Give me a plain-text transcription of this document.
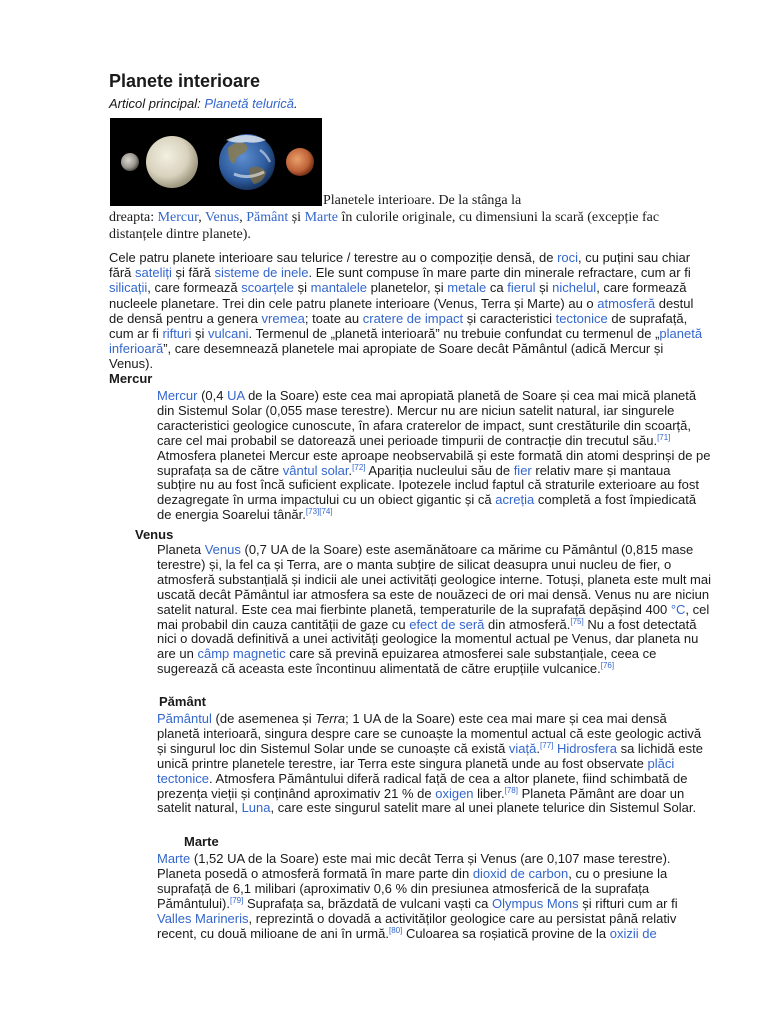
Planete interioare
Articol principal: Planetă telurică.
Planetele interioare. De la stânga la
dreapta: Mercur, Venus, Pământ și Marte în culorile originale, cu dimensiuni la scară (excepție fac distanțele dintre planete).
Cele patru planete interioare sau telurice / terestre au o compoziție densă, de roci, cu puțini sau chiar fără sateliți și fără sisteme de inele. Ele sunt compuse în mare parte din minerale refractare, cum ar fi silicații, care formează scoarțele și mantalele planetelor, și metale ca fierul și nichelul, care formează nucleele planetare. Trei din cele patru planete interioare (Venus, Terra și Marte) au o atmosferă destul de densă pentru a genera vremea; toate au cratere de impact și caracteristici tectonice de suprafață, cum ar fi rifturi și vulcani. Termenul de „planetă interioară” nu trebuie confundat cu termenul de „planetă inferioară”, care desemnează planetele mai apropiate de Soare decât Pământul (adică Mercur și Venus).
Mercur
Mercur (0,4 UA de la Soare) este cea mai apropiată planetă de Soare și cea mai mică planetă din Sistemul Solar (0,055 mase terestre). Mercur nu are niciun satelit natural, iar singurele caracteristici geologice cunoscute, în afara craterelor de impact, sunt crestăturile din scoarță, care cel mai probabil se datorează unei perioade timpurii de contracție din trecutul său.[71] Atmosfera planetei Mercur este aproape neobservabilă și este formată din atomi desprinși de pe suprafața sa de către vântul solar.[72] Apariția nucleului său de fier relativ mare și mantaua subțire nu au fost încă suficient explicate. Ipotezele includ faptul că straturile exterioare au fost dezagregate în urma impactului cu un obiect gigantic și că acreția completă a fost împiedicată de energia Soarelui tânăr.[73][74]
Venus
Planeta Venus (0,7 UA de la Soare) este asemănătoare ca mărime cu Pământul (0,815 mase terestre) și, la fel ca și Terra, are o manta subțire de silicat deasupra unui nucleu de fier, o atmosferă substanțială și indicii ale unei activități geologice interne. Totuși, planeta este mult mai uscată decât Pământul iar atmosfera sa este de nouăzeci de ori mai densă. Venus nu are niciun satelit natural. Este cea mai fierbinte planetă, temperaturile de la suprafață depășind 400 °C, cel mai probabil din cauza cantității de gaze cu efect de seră din atmosferă.[75] Nu a fost detectată nici o dovadă definitivă a unei activități geologice la momentul actual pe Venus, dar planeta nu are un câmp magnetic care să prevină epuizarea atmosferei sale substanțiale, ceea ce sugerează că aceasta este încontinuu alimentată de către erupțiile vulcanice.[76]
Pământ
Pământul (de asemenea și Terra; 1 UA de la Soare) este cea mai mare și cea mai densă planetă interioară, singura despre care se cunoaște la momentul actual că este geologic activă și singurul loc din Sistemul Solar unde se cunoaște că există viață.[77] Hidrosfera sa lichidă este unică printre planetele terestre, iar Terra este singura planetă unde au fost observate plăci tectonice. Atmosfera Pământului diferă radical față de cea a altor planete, fiind schimbată de prezența vieții și conținând aproximativ 21 % de oxigen liber.[78] Planeta Pământ are doar un satelit natural, Luna, care este singurul satelit mare al unei planete telurice din Sistemul Solar.
Marte
Marte (1,52 UA de la Soare) este mai mic decât Terra și Venus (are 0,107 mase terestre). Planeta posedă o atmosferă formată în mare parte din dioxid de carbon, cu o presiune la suprafață de 6,1 milibari (aproximativ 0,6 % din presiunea atmosferică de la suprafața Pământului).[79] Suprafața sa, brăzdată de vulcani vaști ca Olympus Mons și rifturi cum ar fi Valles Marineris, reprezintă o dovadă a activităților geologice care au persistat până relativ recent, cu două milioane de ani în urmă.[80] Culoarea sa roșiatică provine de la oxizii de
